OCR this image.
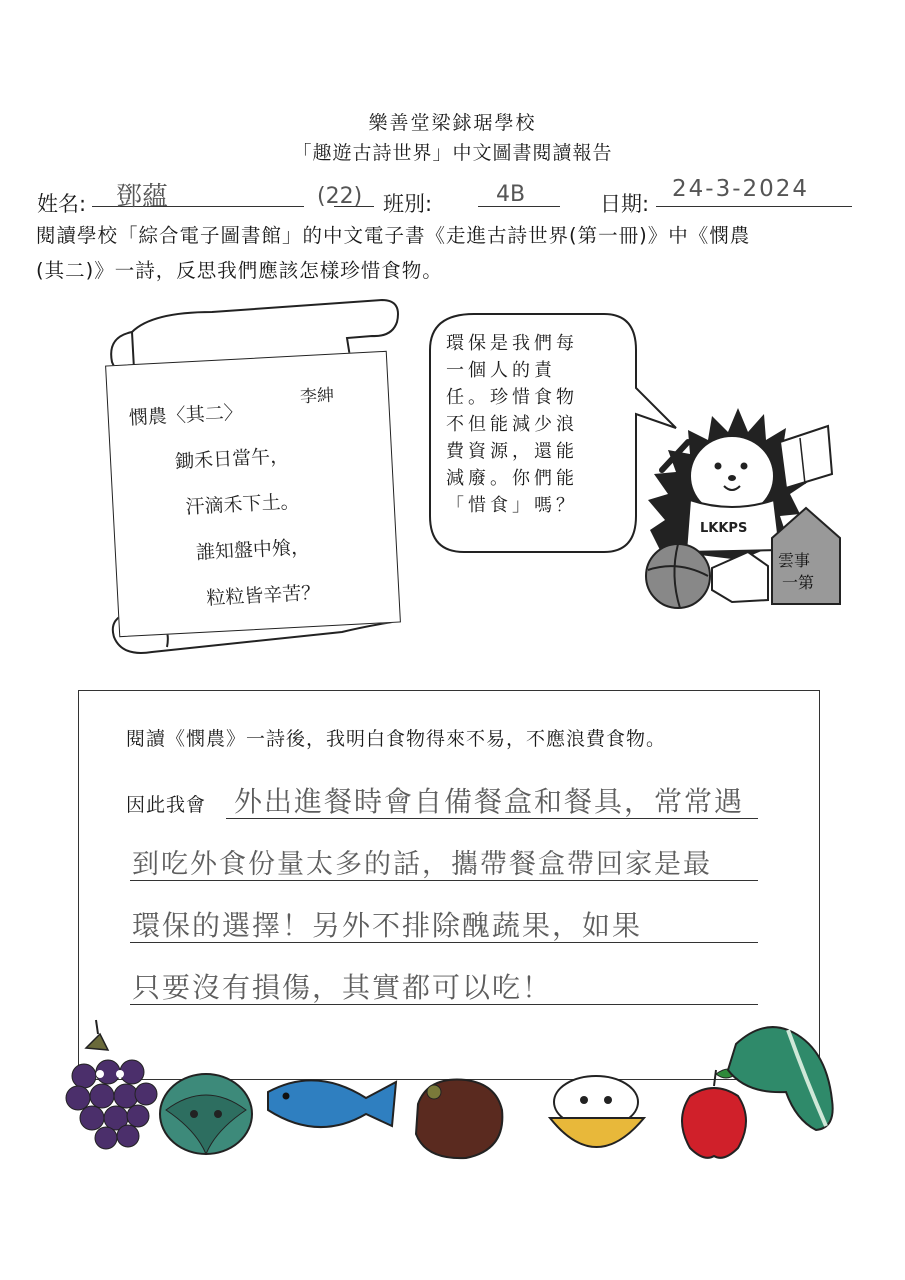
樂善堂梁銶琚學校
「趣遊古詩世界」中文圖書閱讀報告
姓名: 鄧蘊	(22) 班別:	4B	日期:
24-3-2024
閱讀學校「綜合電子圖書館」的中文電子書《走進古詩世界(第一冊)》中《憫農
(其二)》一詩，反思我們應該怎樣珍惜食物。
憫農〈其二〉
李紳
鋤禾日當午，
汗滴禾下土。
誰知盤中飧，
粒粒皆辛苦？
環保是我們每
一個人的責
任。珍惜食物
不但能減少浪
費資源，還能
減廢。你們能
「惜食」嗎？
LKKPS
雲事一第
閱讀《憫農》一詩後，我明白食物得來不易，不應浪費食物。
因此我會 外出進餐時會自備餐盒和餐具，常常遇
到吃外食份量太多的話，攜帶餐盒帶回家是最
環保的選擇！另外不排除醜蔬果，如果
只要沒有損傷，其實都可以吃！
